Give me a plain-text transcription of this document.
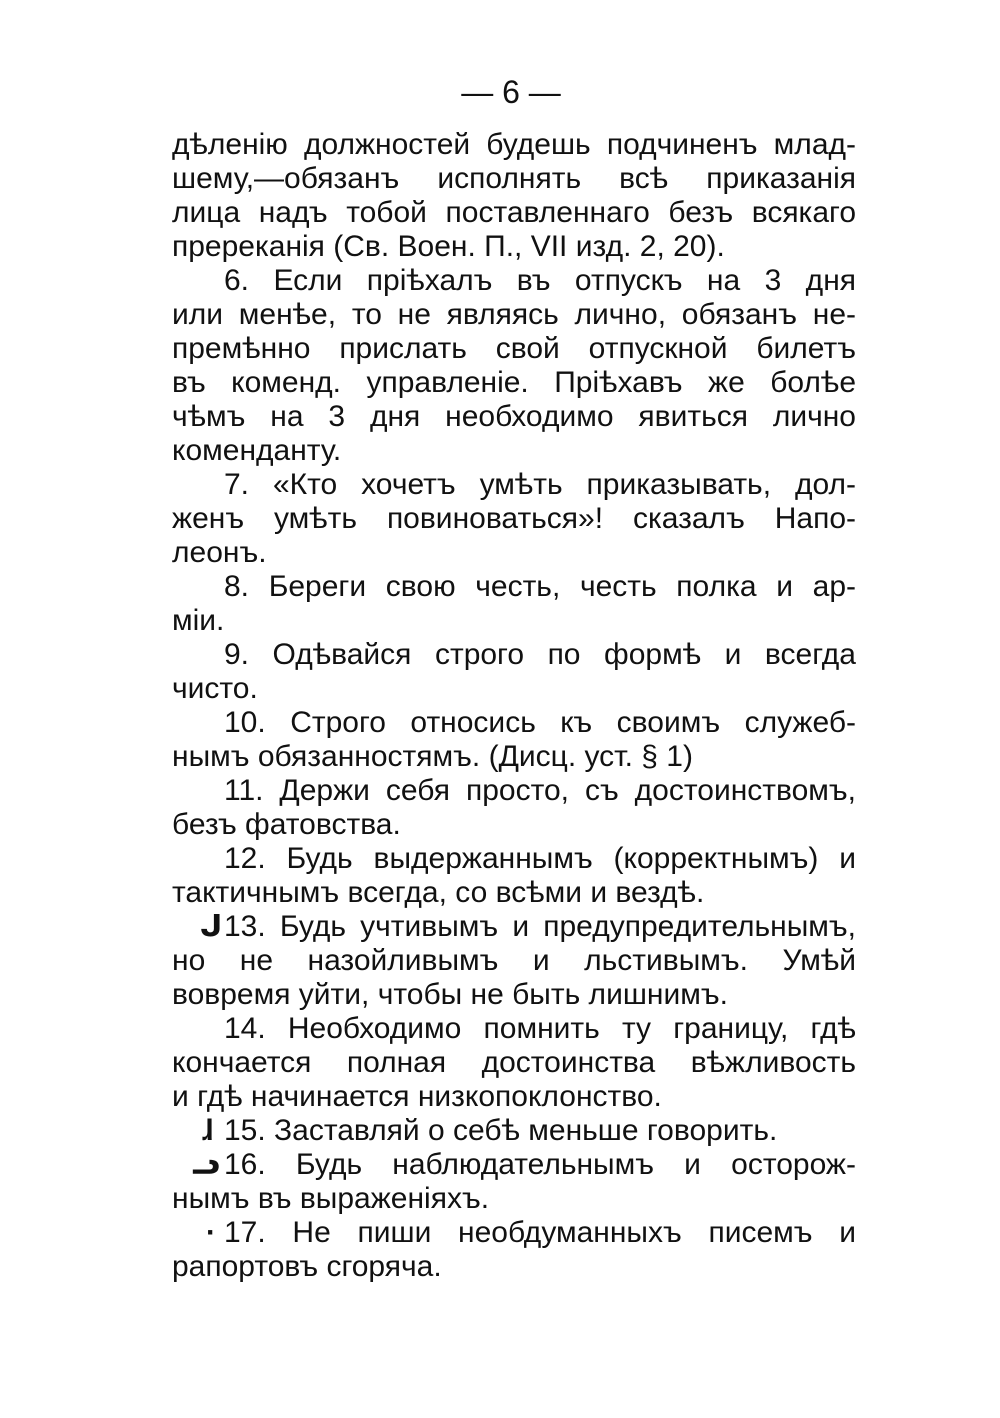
— 6 —
дѣленію должностей будешь подчиненъ млад-
шему,—обязанъ исполнять всѣ приказанія
лица надъ тобой поставленнаго безъ всякаго
пререканія (Св. Воен. П., VII изд. 2, 20).
6. Если пріѣхалъ въ отпускъ на 3 дня
или менѣе, то не являясь лично, обязанъ не-
премѣнно прислать свой отпускной билетъ
въ коменд. управленіе. Пріѣхавъ же болѣе
чѣмъ на 3 дня необходимо явиться лично
коменданту.
7. «Кто хочетъ умѣть приказывать, дол-
женъ умѣть повиноваться»! сказалъ Напо-
леонъ.
8. Береги свою честь, честь полка и ар-
міи.
9. Одѣвайся строго по формѣ и всегда
чисто.
10. Строго относись къ своимъ служеб-
нымъ обязанностямъ. (Дисц. уст. § 1)
11. Держи себя просто, съ достоинствомъ,
безъ фатовства.
12. Будь выдержаннымъ (корректнымъ) и
тактичнымъ всегда, со всѣми и вездѣ.
13. Будь учтивымъ и предупредительнымъ,
но не назойливымъ и льстивымъ. Умѣй
вовремя уйти, чтобы не быть лишнимъ.
14. Необходимо помнить ту границу, гдѣ
кончается полная достоинства вѣжливость
и гдѣ начинается низкопоклонство.
15. Заставляй о себѣ меньше говорить.
16. Будь наблюдательнымъ и осторож-
нымъ въ выраженіяхъ.
17. Не пиши необдуманныхъ писемъ и
рапортовъ сгоряча.
ᒍ
ɺ
ᓗ
·
